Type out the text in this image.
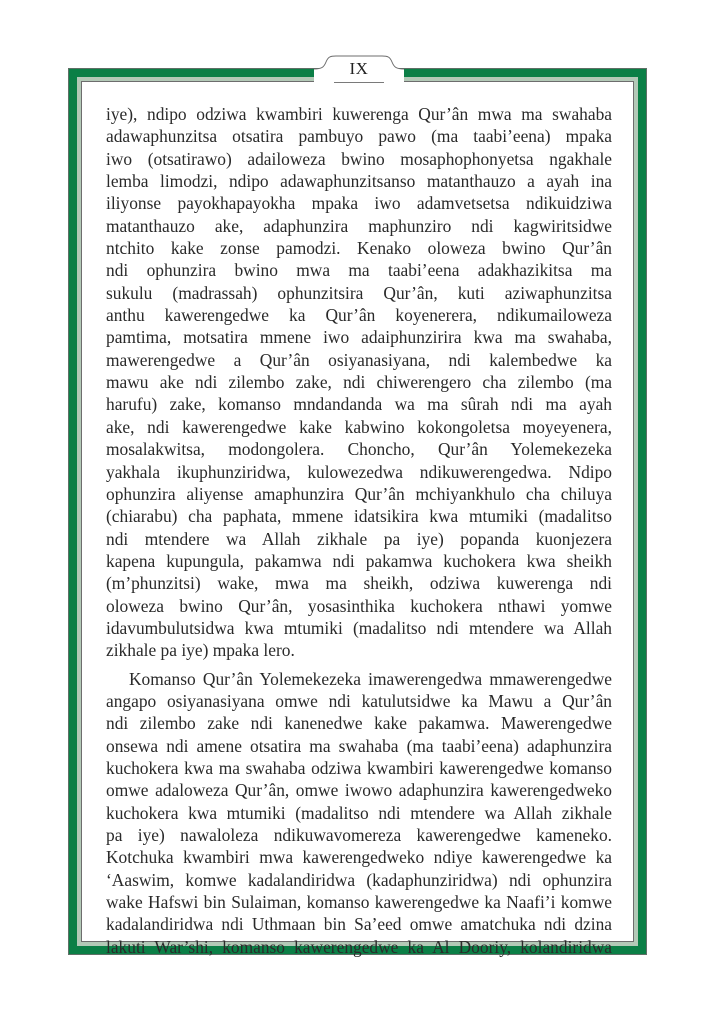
IX
iye), ndipo odziwa kwambiri kuwerenga Qur’ân mwa ma swahaba
adawaphunzitsa otsatira pambuyo pawo (ma taabi’eena) mpaka
iwo (otsatirawo) adailoweza bwino mosaphophonyetsa ngakhale
lemba limodzi, ndipo adawaphunzitsanso matanthauzo a ayah ina
iliyonse payokhapayokha mpaka iwo adamvetsetsa ndikuidziwa
matanthauzo ake, adaphunzira maphunziro ndi kagwiritsidwe
ntchito kake zonse pamodzi. Kenako oloweza bwino Qur’ân
ndi ophunzira bwino mwa ma taabi’eena adakhazikitsa ma
sukulu (madrassah) ophunzitsira Qur’ân, kuti aziwaphunzitsa
anthu kawerengedwe ka Qur’ân koyenerera, ndikumailoweza
pamtima, motsatira mmene iwo adaiphunzirira kwa ma swahaba,
mawerengedwe a Qur’ân osiyanasiyana, ndi kalembedwe ka
mawu ake ndi zilembo zake, ndi chiwerengero cha zilembo (ma
harufu) zake, komanso mndandanda wa ma sûrah ndi ma ayah
ake, ndi kawerengedwe kake kabwino kokongoletsa moyeyenera,
mosalakwitsa, modongolera. Choncho, Qur’ân Yolemekezeka
yakhala ikuphunziridwa, kulowezedwa ndikuwerengedwa. Ndipo
ophunzira aliyense amaphunzira Qur’ân mchiyankhulo cha chiluya
(chiarabu) cha paphata, mmene idatsikira kwa mtumiki (madalitso
ndi mtendere wa Allah zikhale pa iye) popanda kuonjezera
kapena kupungula, pakamwa ndi pakamwa kuchokera kwa sheikh
(m’phunzitsi) wake, mwa ma sheikh, odziwa kuwerenga ndi
oloweza bwino Qur’ân, yosasinthika kuchokera nthawi yomwe
idavumbulutsidwa kwa mtumiki (madalitso ndi mtendere wa Allah
zikhale pa iye) mpaka lero.
Komanso Qur’ân Yolemekezeka imawerengedwa mmawerengedwe
angapo osiyanasiyana omwe ndi katulutsidwe ka Mawu a Qur’ân
ndi zilembo zake ndi kanenedwe kake pakamwa. Mawerengedwe
onsewa ndi amene otsatira ma swahaba (ma taabi’eena) adaphunzira
kuchokera kwa ma swahaba odziwa kwambiri kawerengedwe komanso
omwe adaloweza Qur’ân, omwe iwowo adaphunzira kawerengedweko
kuchokera kwa mtumiki (madalitso ndi mtendere wa Allah zikhale
pa iye) nawaloleza ndikuwavomereza kawerengedwe kameneko.
Kotchuka kwambiri mwa kawerengedweko ndiye kawerengedwe ka
‘Aaswim, komwe kadalandiridwa (kadaphunziridwa) ndi ophunzira
wake Hafswi bin Sulaiman, komanso kawerengedwe ka Naafi’i komwe
kadalandiridwa ndi Uthmaan bin Sa’eed omwe amatchuka ndi dzina
lakuti War’shi, komanso kawerengedwe ka Al Dooriy, kolandiridwa
